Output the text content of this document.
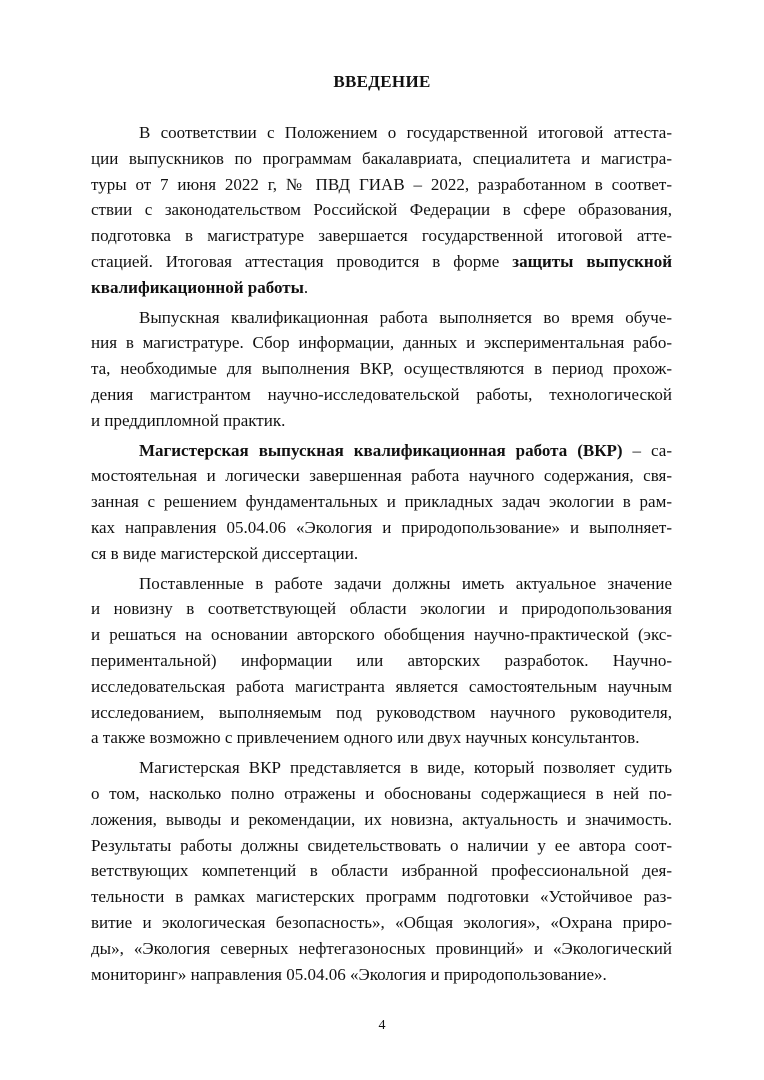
ВВЕДЕНИЕ
В соответствии с Положением о государственной итоговой аттеста-
ции выпускников по программам бакалавриата, специалитета и магистра-
туры от 7 июня 2022 г, № ПВД ГИАВ – 2022, разработанном в соответ-
ствии с законодательством Российской Федерации в сфере образования,
подготовка в магистратуре завершается государственной итоговой атте-
стацией. Итоговая аттестация проводится в форме защиты выпускной
квалификационной работы.
Выпускная квалификационная работа выполняется во время обуче-
ния в магистратуре. Сбор информации, данных и экспериментальная рабо-
та, необходимые для выполнения ВКР, осуществляются в период прохож-
дения магистрантом научно-исследовательской работы, технологической
и преддипломной практик.
Магистерская выпускная квалификационная работа (ВКР) – са-
мостоятельная и логически завершенная работа научного содержания, свя-
занная с решением фундаментальных и прикладных задач экологии в рам-
ках направления 05.04.06 «Экология и природопользование» и выполняет-
ся в виде магистерской диссертации.
Поставленные в работе задачи должны иметь актуальное значение
и новизну в соответствующей области экологии и природопользования
и решаться на основании авторского обобщения научно-практической (экс-
периментальной) информации или авторских разработок. Научно-
исследовательская работа магистранта является самостоятельным научным
исследованием, выполняемым под руководством научного руководителя,
а также возможно с привлечением одного или двух научных консультантов.
Магистерская ВКР представляется в виде, который позволяет судить
о том, насколько полно отражены и обоснованы содержащиеся в ней по-
ложения, выводы и рекомендации, их новизна, актуальность и значимость.
Результаты работы должны свидетельствовать о наличии у ее автора соот-
ветствующих компетенций в области избранной профессиональной дея-
тельности в рамках магистерских программ подготовки «Устойчивое раз-
витие и экологическая безопасность», «Общая экология», «Охрана приро-
ды», «Экология северных нефтегазоносных провинций» и «Экологический
мониторинг» направления 05.04.06 «Экология и природопользование».
4
